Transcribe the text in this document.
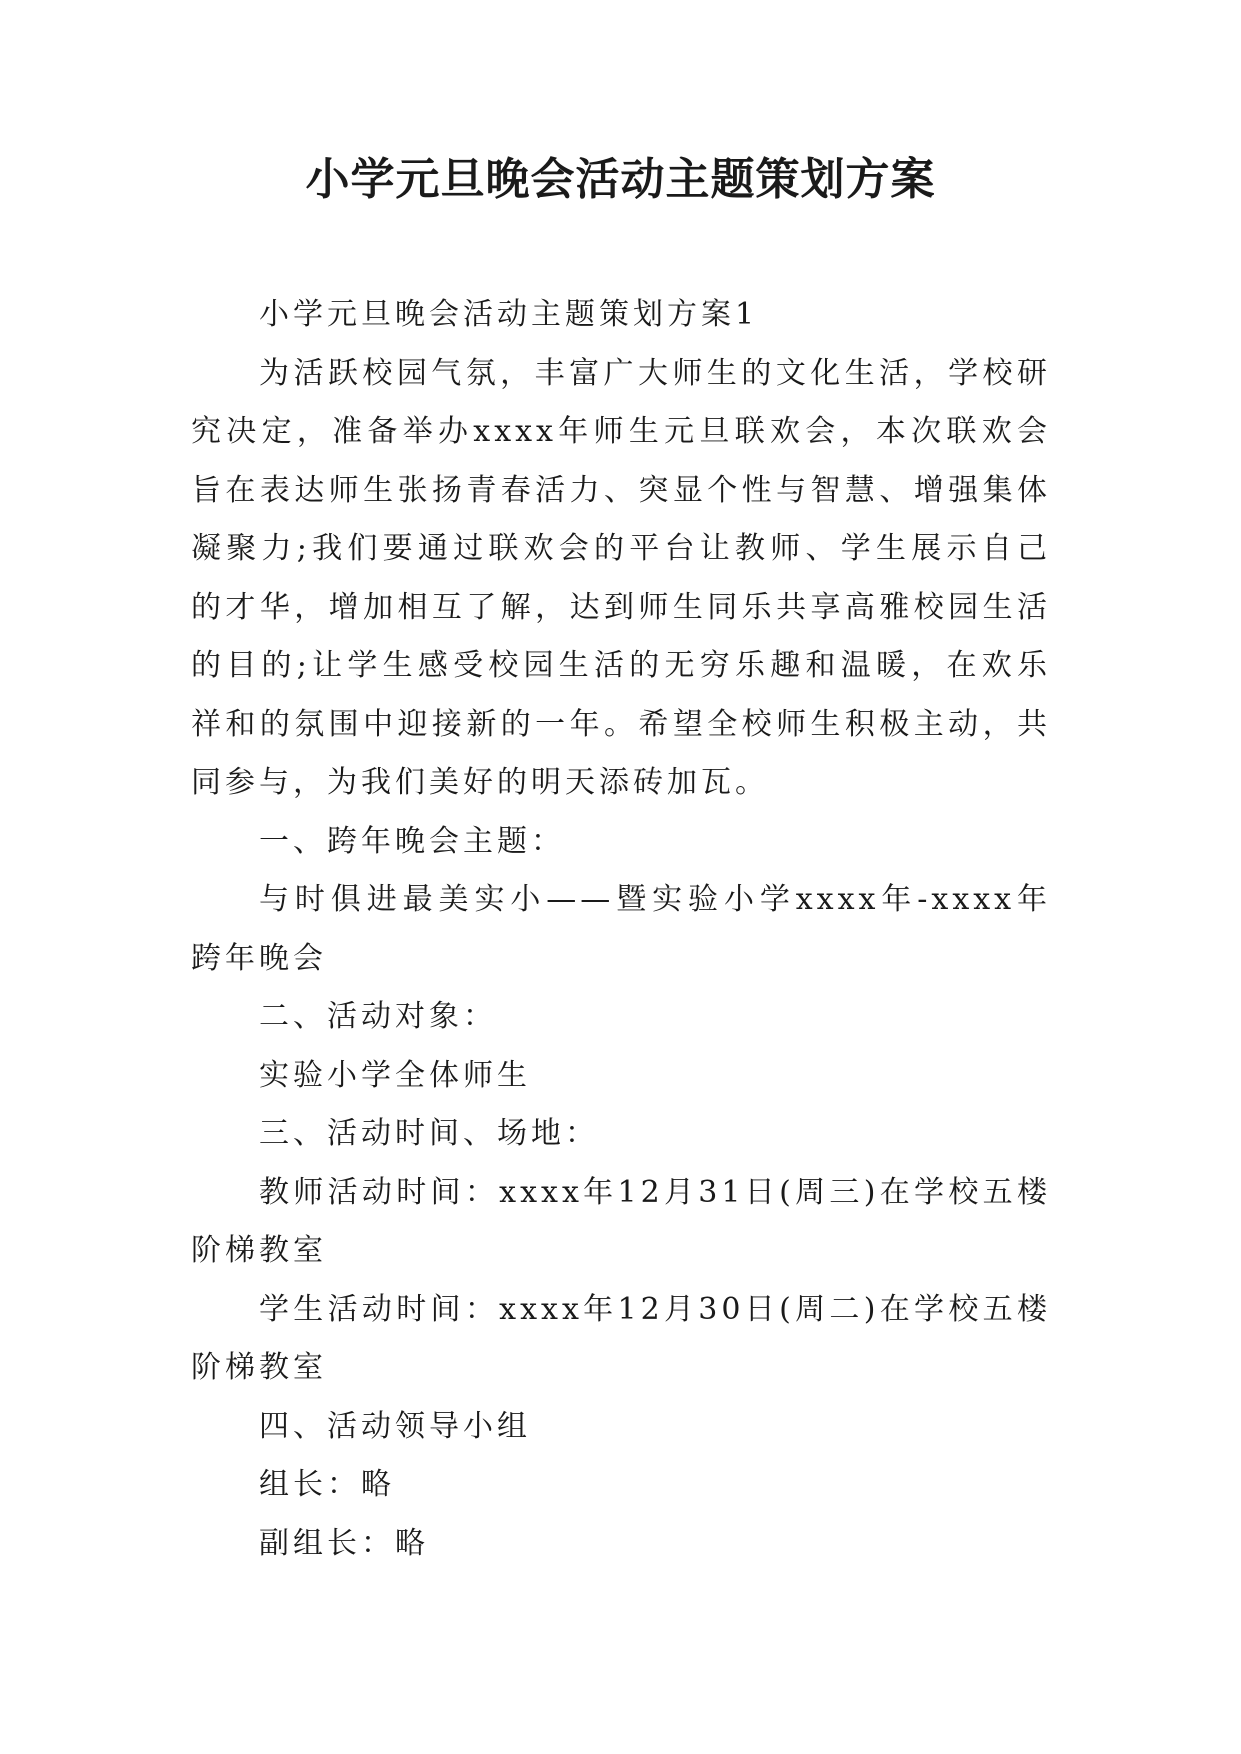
小学元旦晚会活动主题策划方案

小学元旦晚会活动主题策划方案1

为活跃校园气氛，丰富广大师生的文化生活，学校研究决定，准备举办xxxx年师生元旦联欢会，本次联欢会旨在表达师生张扬青春活力、突显个性与智慧、增强集体凝聚力;我们要通过联欢会的平台让教师、学生展示自己的才华，增加相互了解，达到师生同乐共享高雅校园生活的目的;让学生感受校园生活的无穷乐趣和温暖，在欢乐祥和的氛围中迎接新的一年。希望全校师生积极主动，共同参与，为我们美好的明天添砖加瓦。

一、跨年晚会主题：

与时俱进最美实小——暨实验小学xxxx年-xxxx年跨年晚会

二、活动对象：

实验小学全体师生

三、活动时间、场地：

教师活动时间：xxxx年12月31日(周三)在学校五楼阶梯教室

学生活动时间：xxxx年12月30日(周二)在学校五楼阶梯教室

四、活动领导小组

组长：略

副组长：略
